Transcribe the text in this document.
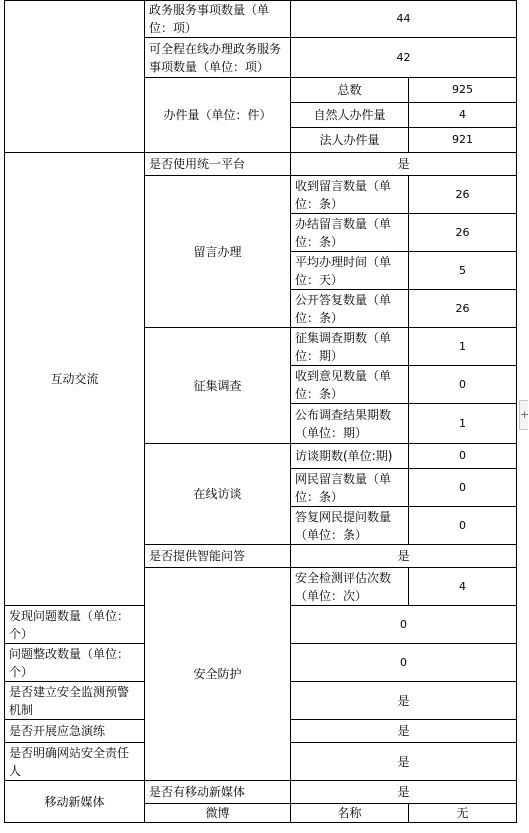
	政务服务事项数量（单位：项）	44	
	可全程在线办理政务服务事项数量（单位：项）	42	
	办件量（单位：件）	总数	925
		自然人办件量	4
		法人办件量	921
互动交流	是否使用统一平台	是	
	留言办理	收到留言数量（单位：条）	26
		办结留言数量（单位：条）	26
		平均办理时间（单位：天）	5
		公开答复数量（单位：条）	26
	征集调查	征集调查期数（单位：期）	1
		收到意见数量（单位：条）	0
		公布调查结果期数（单位：期）	1
	在线访谈	访谈期数(单位:期)	0
		网民留言数量（单位：条）	0
		答复网民提问数量（单位：条）	0
	是否提供智能问答	是	
	安全防护	安全检测评估次数（单位：次）	4
发现问题数量（单位：个）		0	
问题整改数量（单位：个）		0	
是否建立安全监测预警机制		是	
是否开展应急演练		是	
是否明确网站安全责任人		是	
移动新媒体	是否有移动新媒体	是	
	微博	名称	无
+
